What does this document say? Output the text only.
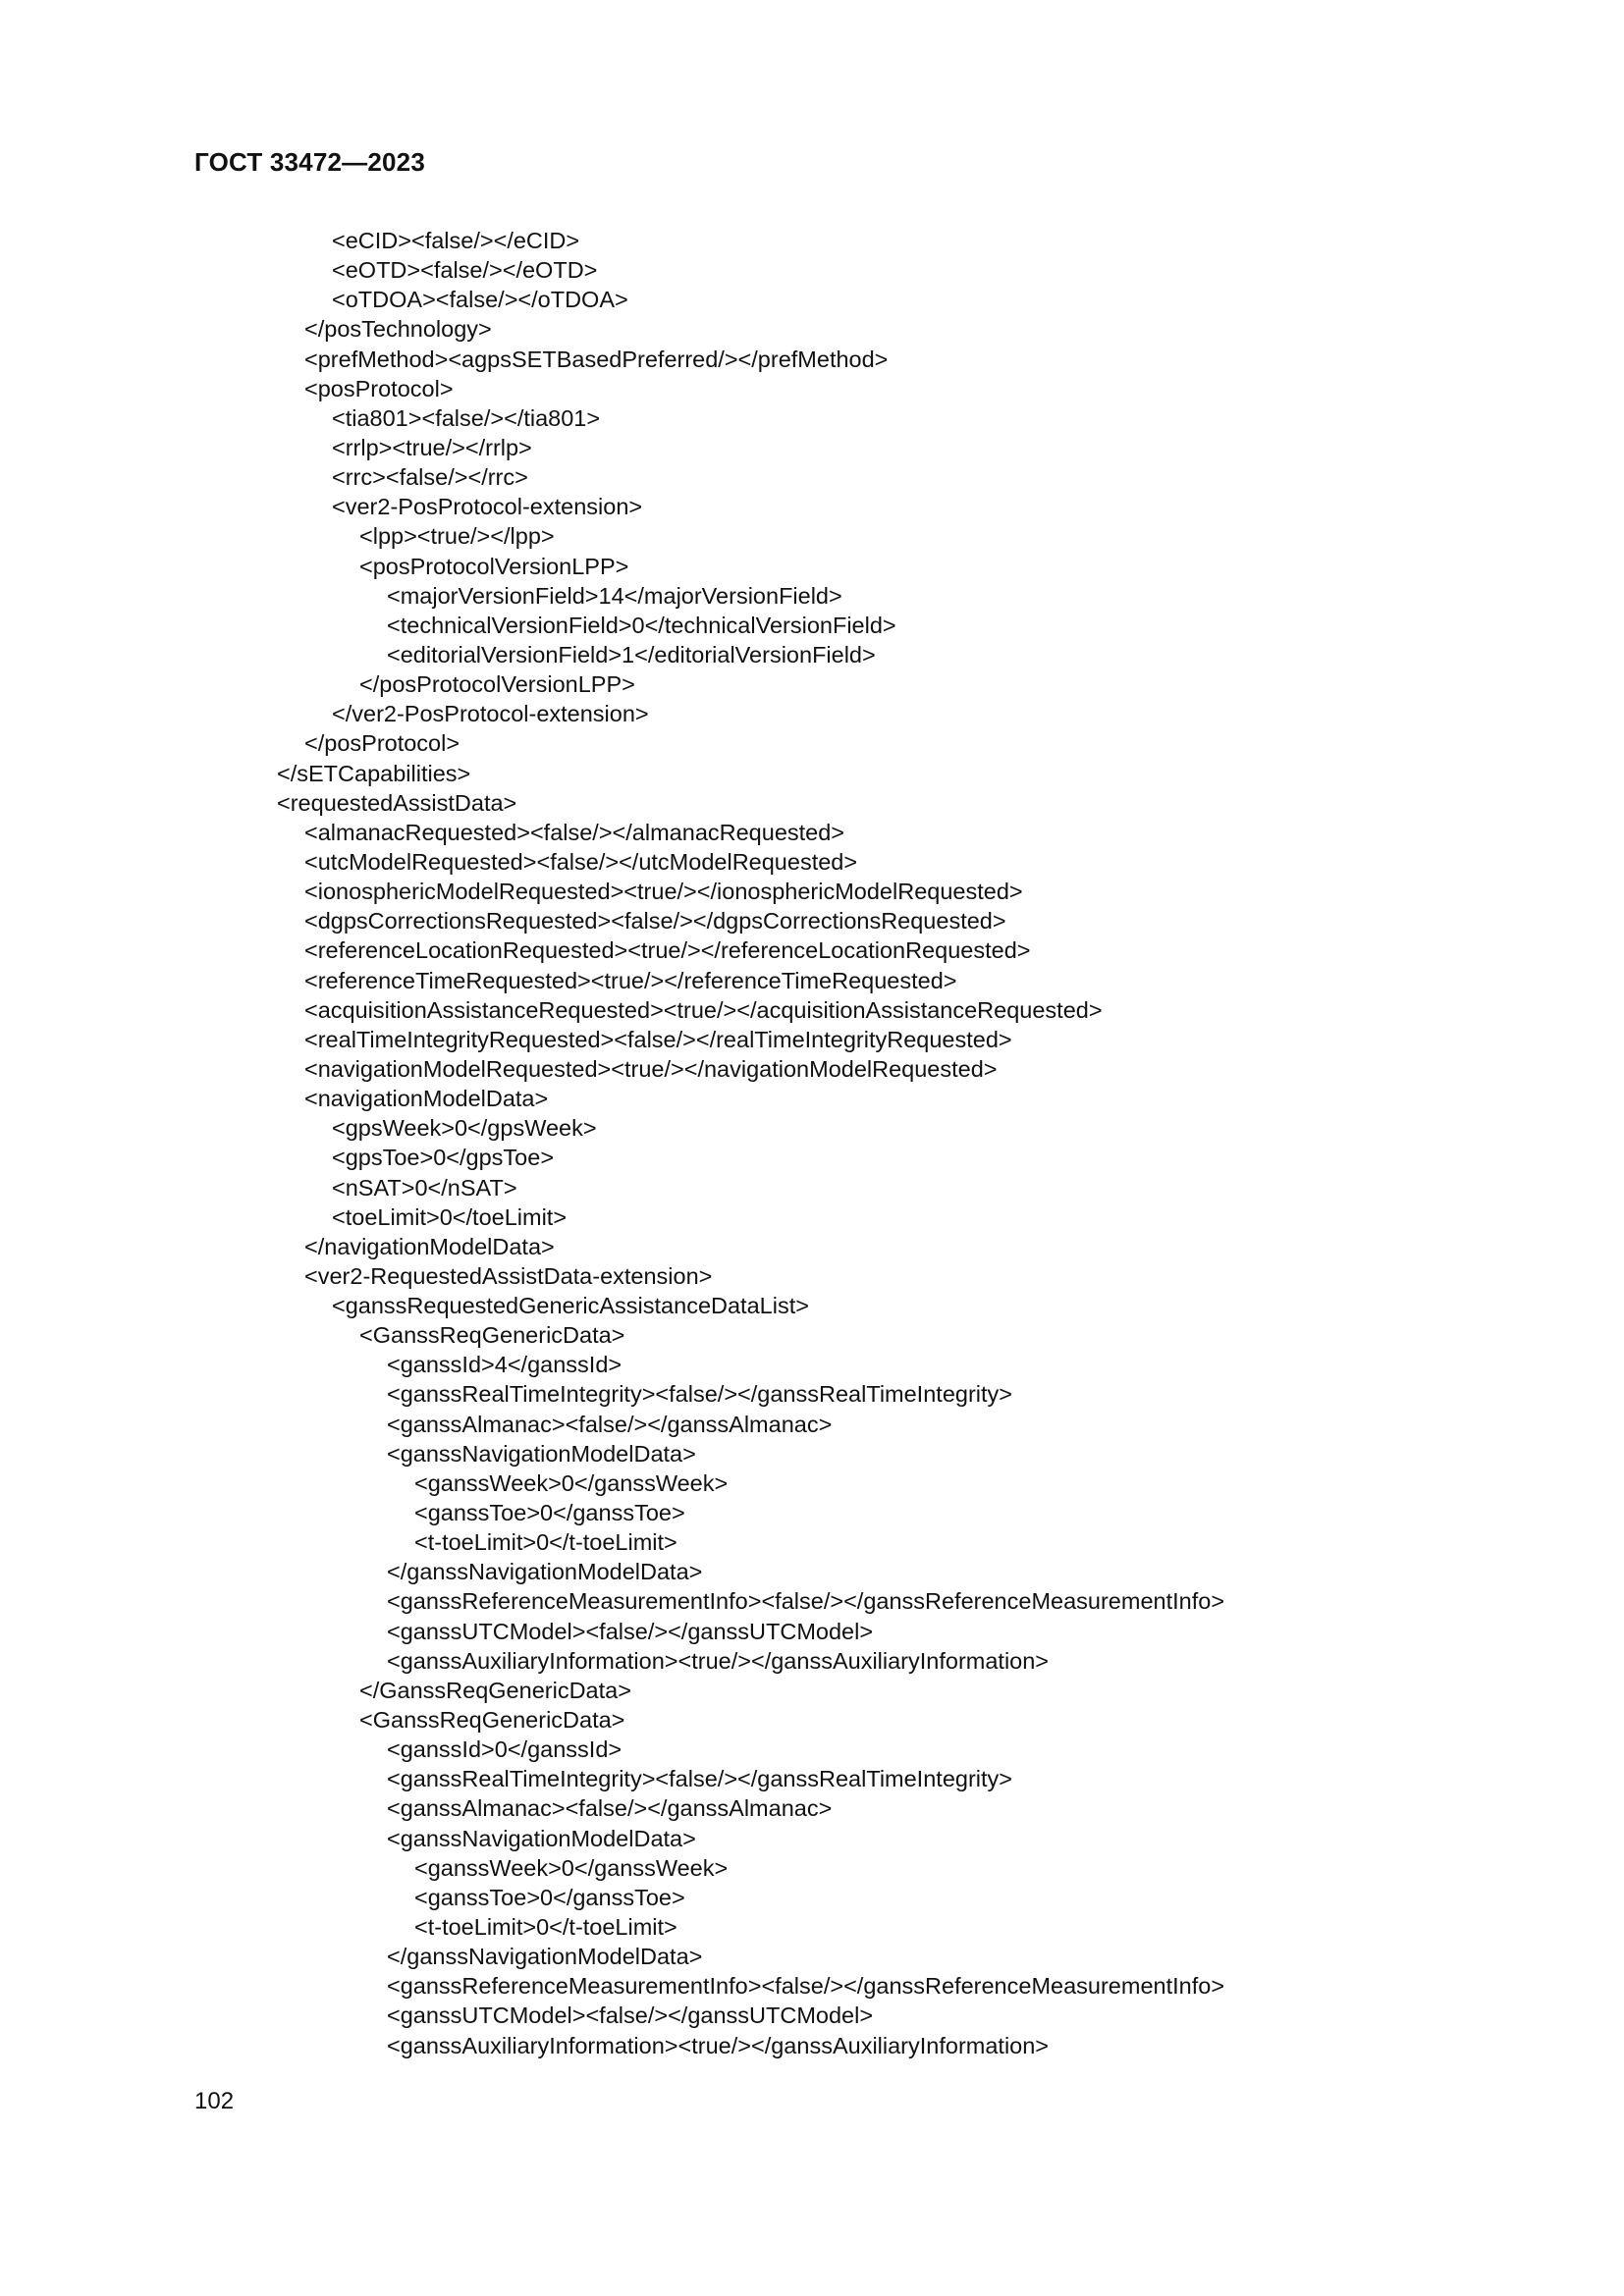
ГОСТ 33472—2023
<eCID><false/></eCID>
<eOTD><false/></eOTD>
<oTDOA><false/></oTDOA>
</posTechnology>
<prefMethod><agpsSETBasedPreferred/></prefMethod>
<posProtocol>
<tia801><false/></tia801>
<rrlp><true/></rrlp>
<rrc><false/></rrc>
<ver2-PosProtocol-extension>
<lpp><true/></lpp>
<posProtocolVersionLPP>
<majorVersionField>14</majorVersionField>
<technicalVersionField>0</technicalVersionField>
<editorialVersionField>1</editorialVersionField>
</posProtocolVersionLPP>
</ver2-PosProtocol-extension>
</posProtocol>
</sETCapabilities>
<requestedAssistData>
<almanacRequested><false/></almanacRequested>
<utcModelRequested><false/></utcModelRequested>
<ionosphericModelRequested><true/></ionosphericModelRequested>
<dgpsCorrectionsRequested><false/></dgpsCorrectionsRequested>
<referenceLocationRequested><true/></referenceLocationRequested>
<referenceTimeRequested><true/></referenceTimeRequested>
<acquisitionAssistanceRequested><true/></acquisitionAssistanceRequested>
<realTimeIntegrityRequested><false/></realTimeIntegrityRequested>
<navigationModelRequested><true/></navigationModelRequested>
<navigationModelData>
<gpsWeek>0</gpsWeek>
<gpsToe>0</gpsToe>
<nSAT>0</nSAT>
<toeLimit>0</toeLimit>
</navigationModelData>
<ver2-RequestedAssistData-extension>
<ganssRequestedGenericAssistanceDataList>
<GanssReqGenericData>
<ganssId>4</ganssId>
<ganssRealTimeIntegrity><false/></ganssRealTimeIntegrity>
<ganssAlmanac><false/></ganssAlmanac>
<ganssNavigationModelData>
<ganssWeek>0</ganssWeek>
<ganssToe>0</ganssToe>
<t-toeLimit>0</t-toeLimit>
</ganssNavigationModelData>
<ganssReferenceMeasurementInfo><false/></ganssReferenceMeasurementInfo>
<ganssUTCModel><false/></ganssUTCModel>
<ganssAuxiliaryInformation><true/></ganssAuxiliaryInformation>
</GanssReqGenericData>
<GanssReqGenericData>
<ganssId>0</ganssId>
<ganssRealTimeIntegrity><false/></ganssRealTimeIntegrity>
<ganssAlmanac><false/></ganssAlmanac>
<ganssNavigationModelData>
<ganssWeek>0</ganssWeek>
<ganssToe>0</ganssToe>
<t-toeLimit>0</t-toeLimit>
</ganssNavigationModelData>
<ganssReferenceMeasurementInfo><false/></ganssReferenceMeasurementInfo>
<ganssUTCModel><false/></ganssUTCModel>
<ganssAuxiliaryInformation><true/></ganssAuxiliaryInformation>
102
